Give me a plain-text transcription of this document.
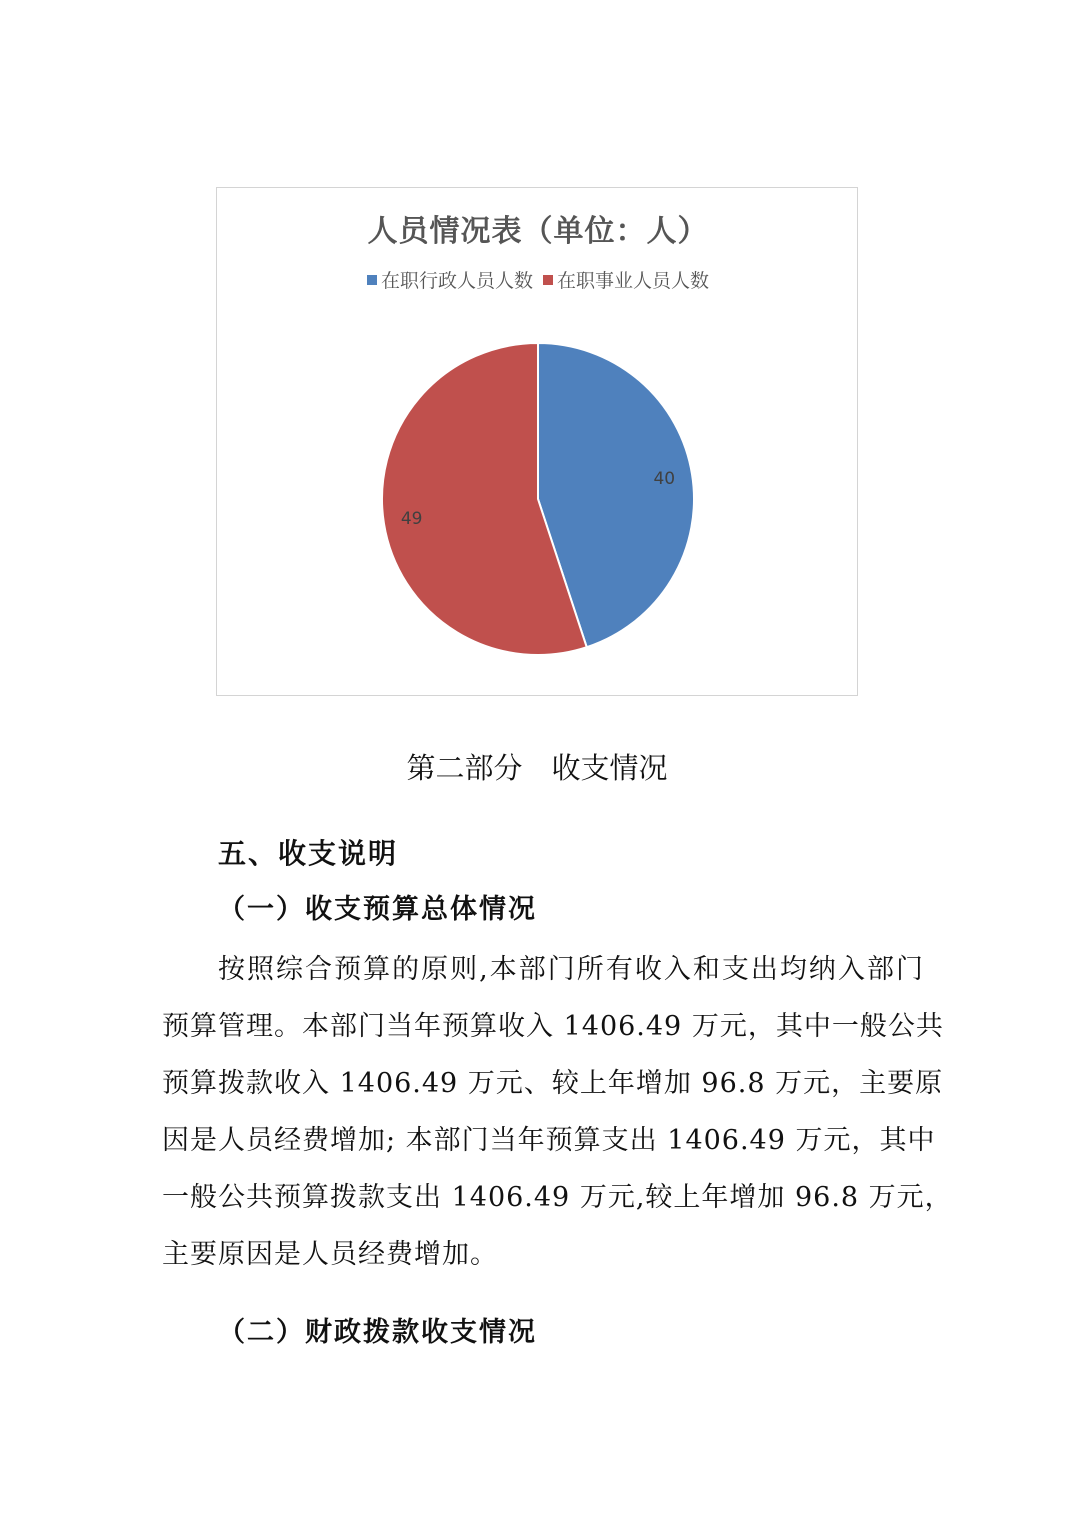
人员情况表（单位：人）
在职行政人员人数 在职事业人员人数
40
49
第二部分　收支情况
五、收支说明
（一）收支预算总体情况
按照综合预算的原则,本部门所有收入和支出均纳入部门
预算管理。本部门当年预算收入 1406.49 万元，其中一般公共
预算拨款收入 1406.49 万元、较上年增加 96.8 万元，主要原
因是人员经费增加; 本部门当年预算支出 1406.49 万元，其中
一般公共预算拨款支出 1406.49 万元,较上年增加 96.8 万元，
主要原因是人员经费增加。
（二）财政拨款收支情况
